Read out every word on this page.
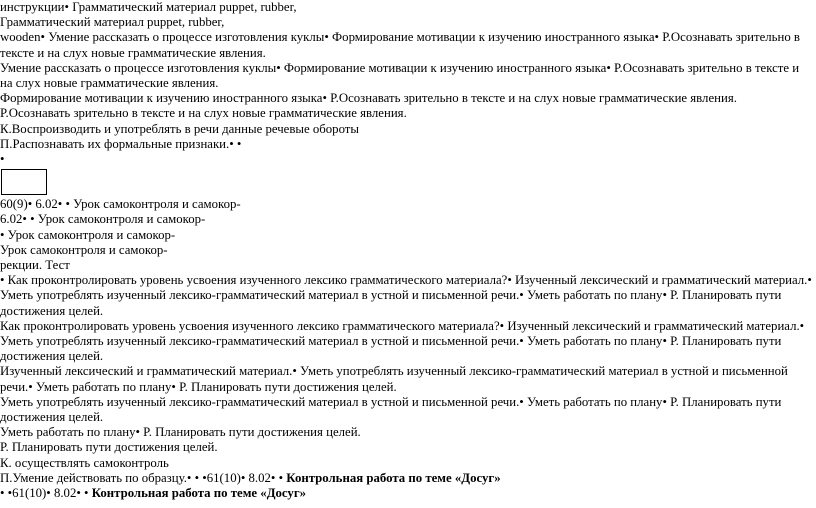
инструкции• Грамматический материал puppet, rubber,

Грамматический материал puppet, rubber,

wooden• Умение рассказать о процессе изготовления куклы• Формирование мотивации к изучению иностранного языка• Р.Осознавать зрительно в тексте и на слух новые грамматические явления.

Умение рассказать о процессе изготовления куклы• Формирование мотивации к изучению иностранного языка• Р.Осознавать зрительно в тексте и на слух новые грамматические явления.

Формирование мотивации к изучению иностранного языка• Р.Осознавать зрительно в тексте и на слух новые грамматические явления.

Р.Осознавать зрительно в тексте и на слух новые грамматические явления.

К.Воспроизводить и употреблять в речи данные речевые обороты

П.Распознавать их формальные признаки.• •

•

60(9)• 6.02• • Урок самоконтроля и самокор-

6.02• • Урок самоконтроля и самокор-

• Урок самоконтроля и самокор-

Урок самоконтроля и самокор-

рекции. Тест

• Как проконтролировать уровень усвоения изученного лексико грамматического материала?• Изученный лексический и грамматический материал.• Уметь употреблять изученный лексико-грамматический материал в устной и письменной речи.• Уметь работать по плану• Р. Планировать пути достижения целей.

Как проконтролировать уровень усвоения изученного лексико грамматического материала?• Изученный лексический и грамматический материал.• Уметь употреблять изученный лексико-грамматический материал в устной и письменной речи.• Уметь работать по плану• Р. Планировать пути достижения целей.

Изученный лексический и грамматический материал.• Уметь употреблять изученный лексико-грамматический материал в устной и письменной речи.• Уметь работать по плану• Р. Планировать пути достижения целей.

Уметь употреблять изученный лексико-грамматический материал в устной и письменной речи.• Уметь работать по плану• Р. Планировать пути достижения целей.

Уметь работать по плану• Р. Планировать пути достижения целей.

Р. Планировать пути достижения целей.

К. осуществлять самоконтроль

П.Умение действовать по образцу.• • •61(10)• 8.02• • Контрольная работа по теме «Досуг»

• •61(10)• 8.02• • Контрольная работа по теме «Досуг»
